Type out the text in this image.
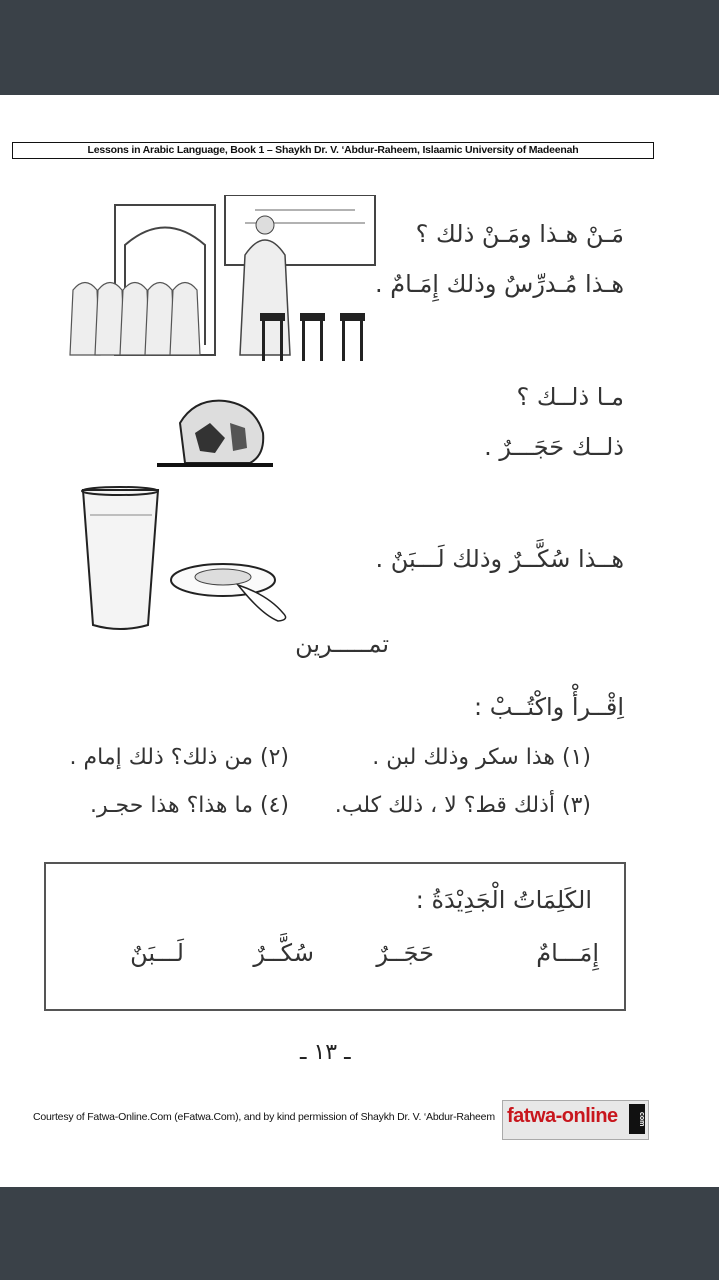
Lessons in Arabic Language, Book 1 – Shaykh Dr. V. ‘Abdur-Raheem, Islaamic University of Madeenah
مَـنْ هـذا ومَـنْ ذلك ؟
هـذا مُـدرِّسٌ وذلك إِمَـامٌ .
مـا ذلــك ؟
ذلــك حَجَـــرٌ .
هــذا سُكَّــرٌ وذلك لَـــبَنٌ .
تمـــــرين
اِقْــرأْ واكْتُــبْ :
(١) هذا سكر وذلك لبن .
(٢) من ذلك؟ ذلك إمام .
(٣) أذلك قط؟ لا ، ذلك كلب.
(٤) ما هذا؟ هذا حجـر.
الكَلِمَاتُ الْجَدِيْدَةُ :
إِمَـــامٌ
حَجَــرٌ
سُكَّــرٌ
لَـــبَنٌ
ـ ١٣ ـ
Courtesy of Fatwa-Online.Com (eFatwa.Com), and by kind permission of Shaykh Dr. V. ‘Abdur-Raheem fatwa-online	com
